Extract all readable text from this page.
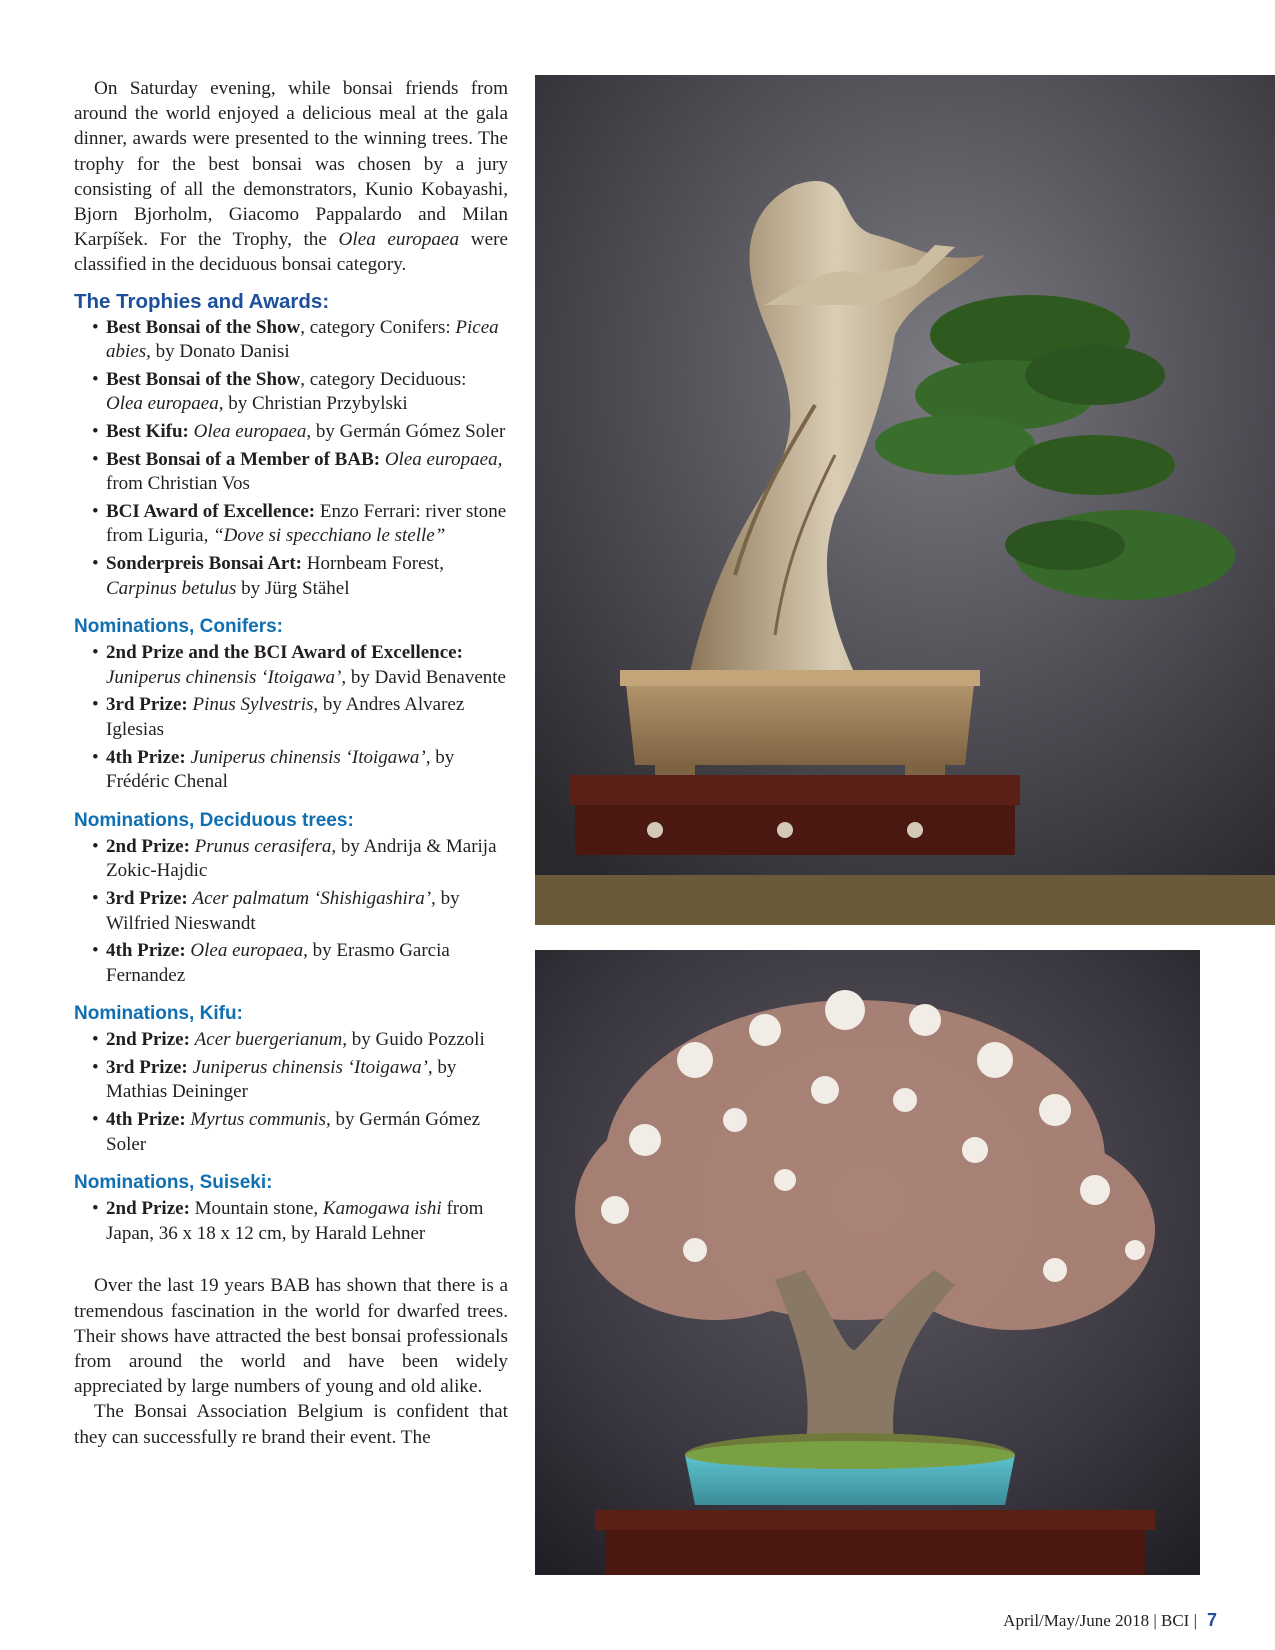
On Saturday evening, while bonsai friends from around the world enjoyed a delicious meal at the gala dinner, awards were presented to the winning trees. The trophy for the best bonsai was chosen by a jury consisting of all the demonstrators, Kunio Kobayashi, Bjorn Bjorholm, Giacomo Pappalardo and Milan Karpíšek. For the Trophy, the Olea europaea were classified in the deciduous bonsai category.

The Trophies and Awards:
• Best Bonsai of the Show, category Conifers: Picea abies, by Donato Danisi
• Best Bonsai of the Show, category Deciduous: Olea europaea, by Christian Przybylski
• Best Kifu: Olea europaea, by Germán Gómez Soler
• Best Bonsai of a Member of BAB: Olea europaea, from Christian Vos
• BCI Award of Excellence: Enzo Ferrari: river stone from Liguria, “Dove si specchiano le stelle”
• Sonderpreis Bonsai Art: Hornbeam Forest, Carpinus betulus by Jürg Stähel
Nominations, Conifers:
• 2nd Prize and the BCI Award of Excellence: Juniperus chinensis ‘Itoigawa’, by David Benavente
• 3rd Prize: Pinus Sylvestris, by Andres Alvarez Iglesias
• 4th Prize: Juniperus chinensis ‘Itoigawa’, by Frédéric Chenal
Nominations, Deciduous trees:
• 2nd Prize: Prunus cerasifera, by Andrija & Marija Zokic-Hajdic
• 3rd Prize: Acer palmatum ‘Shishigashira’, by Wilfried Nieswandt
• 4th Prize: Olea europaea, by Erasmo Garcia Fernandez
Nominations, Kifu:
• 2nd Prize: Acer buergerianum, by Guido Pozzoli
• 3rd Prize: Juniperus chinensis ‘Itoigawa’, by Mathias Deininger
• 4th Prize: Myrtus communis, by Germán Gómez Soler
Nominations, Suiseki:
• 2nd Prize: Mountain stone, Kamogawa ishi from Japan, 36 x 18 x 12 cm, by Harald Lehner

Over the last 19 years BAB has shown that there is a tremendous fascination in the world for dwarfed trees. Their shows have attracted the best bonsai professionals from around the world and have been widely appreciated by large numbers of young and old alike.

The Bonsai Association Belgium is confident that they can successfully re brand their event. The

April/May/June 2018 | BCI | 7
